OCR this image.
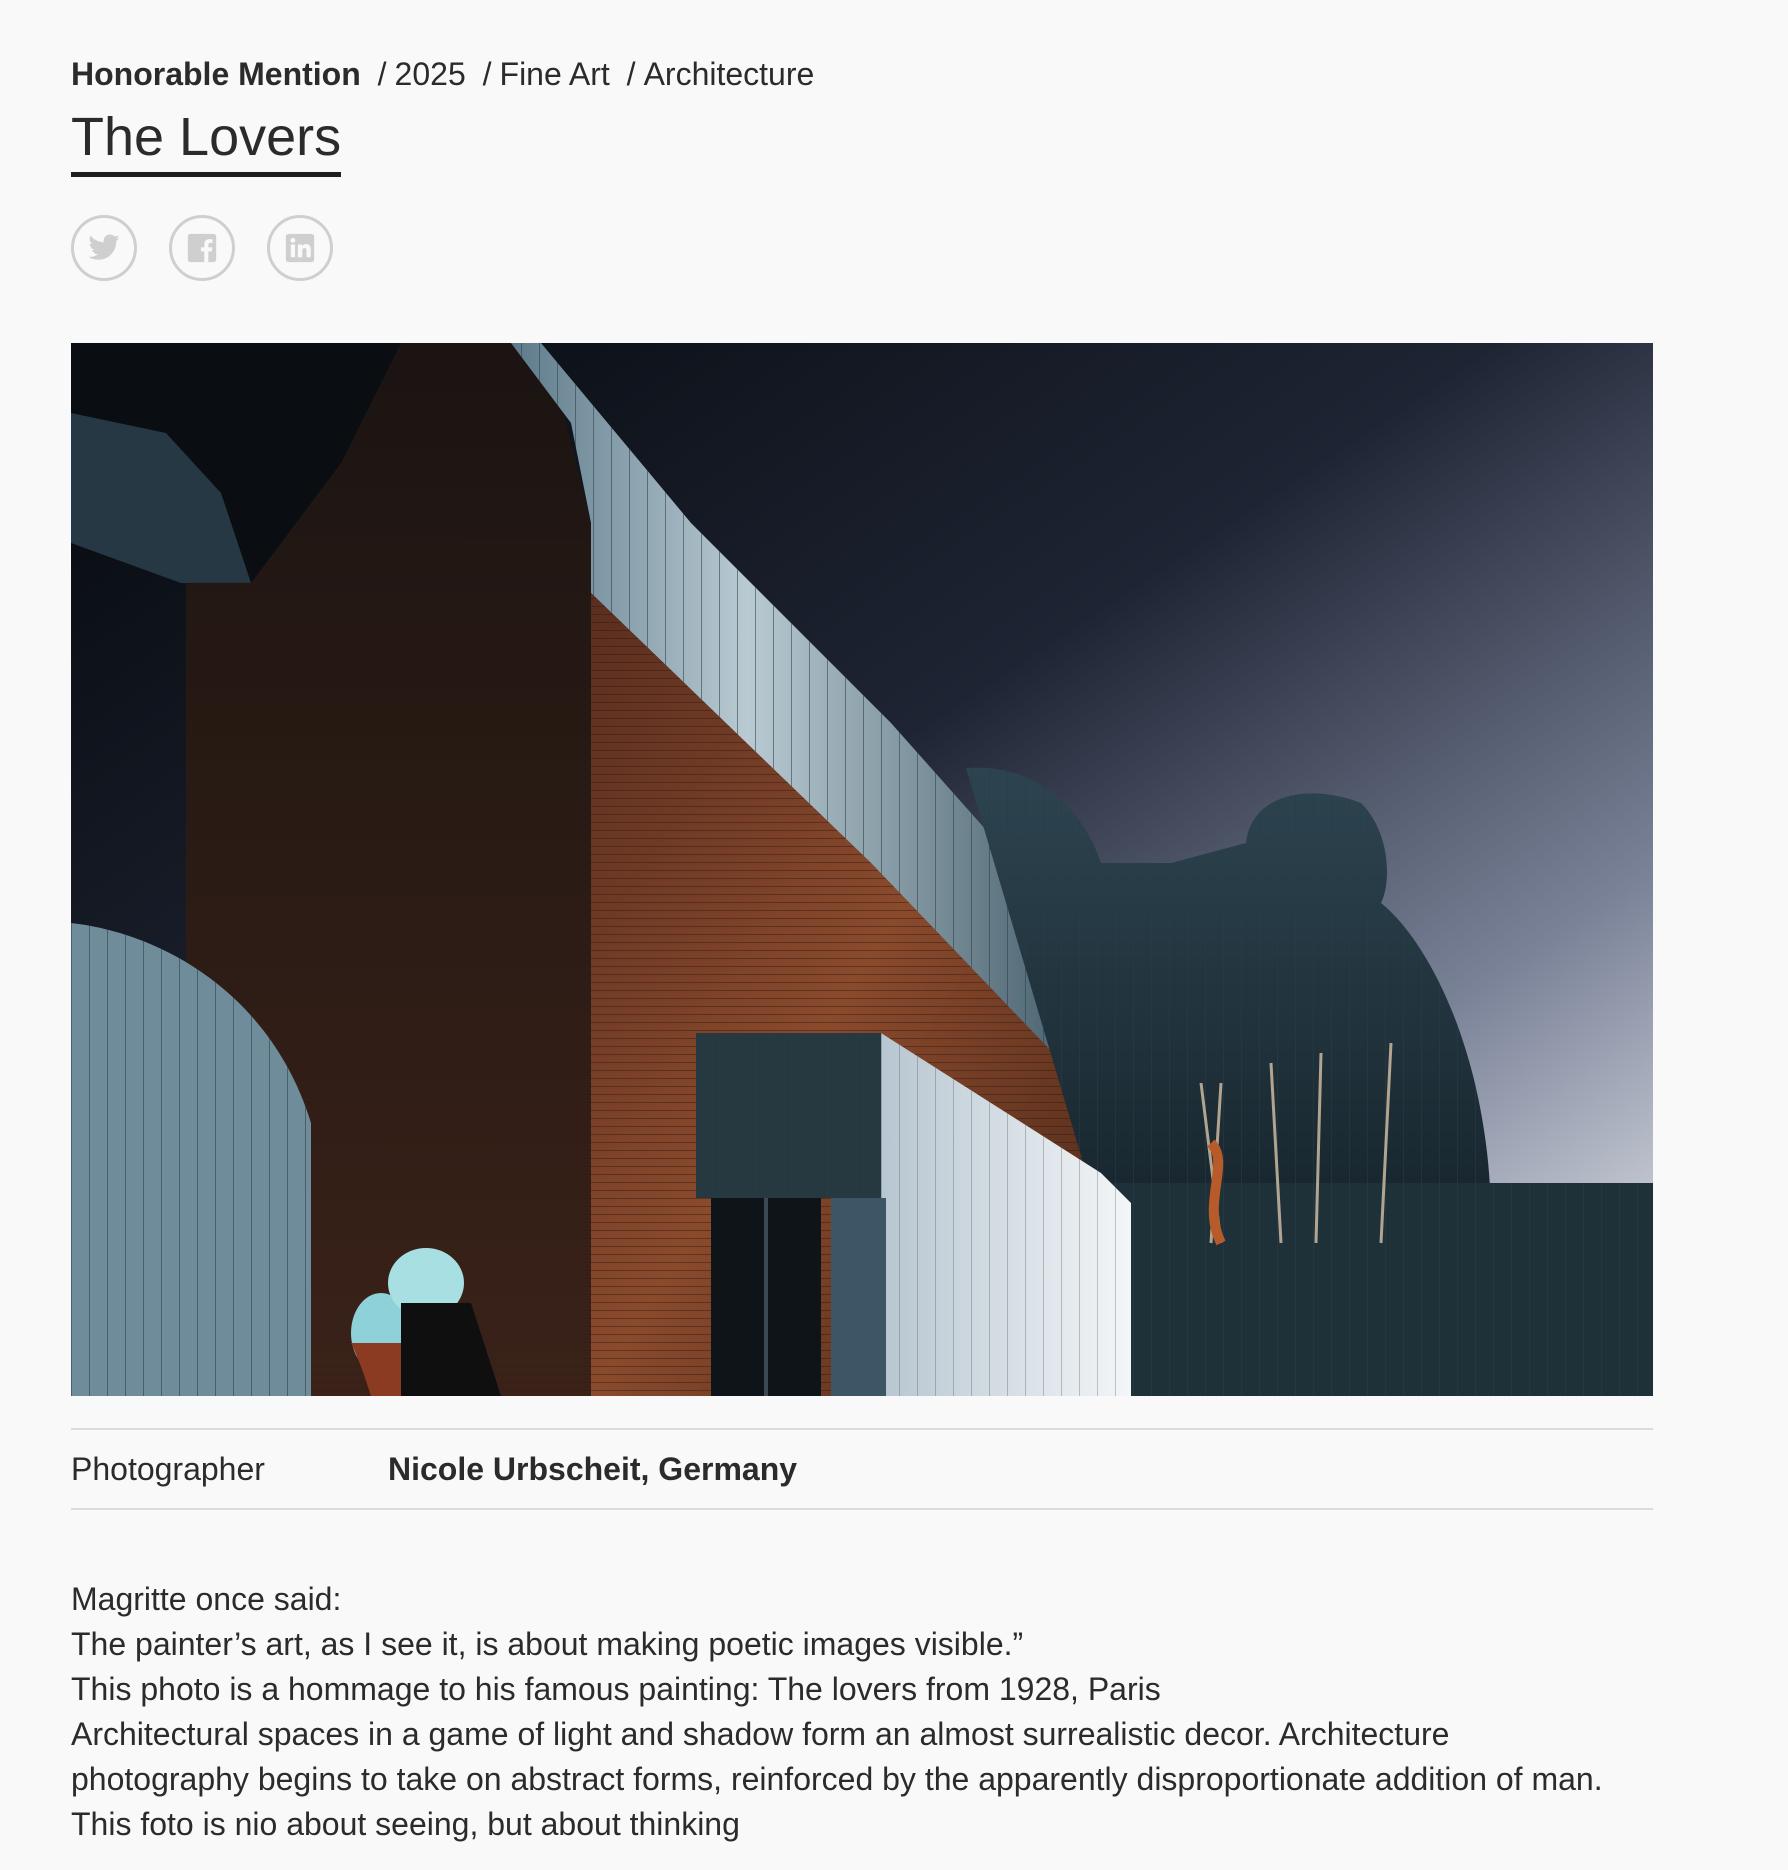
Honorable Mention / 2025 / Fine Art / Architecture
The Lovers
Photographer	Nicole Urbscheit, Germany

Magritte once said:

The painter’s art, as I see it, is about making poetic images visible.”

This photo is a hommage to his famous painting: The lovers from 1928, Paris

Architectural spaces in a game of light and shadow form an almost surrealistic decor. Architecture

photography begins to take on abstract forms, reinforced by the apparently disproportionate addition of man.

This foto is nio about seeing, but about thinking
